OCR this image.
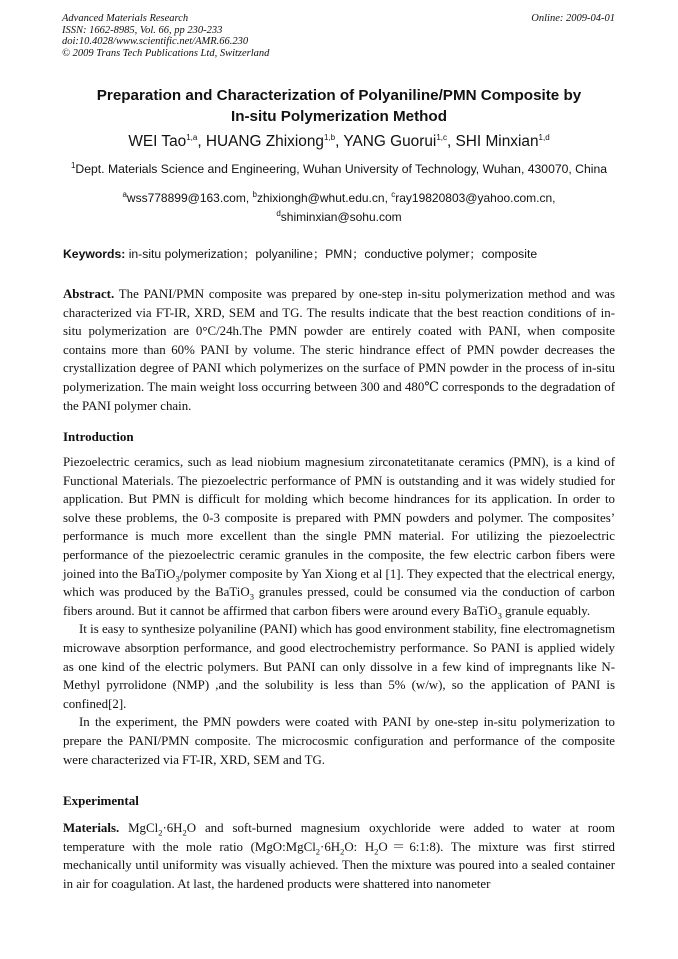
Advanced Materials Research
ISSN: 1662-8985, Vol. 66, pp 230-233
doi:10.4028/www.scientific.net/AMR.66.230
© 2009 Trans Tech Publications Ltd, Switzerland
Online: 2009-04-01
Preparation and Characterization of Polyaniline/PMN Composite by
In-situ Polymerization Method
WEI Tao$^{1,a}$, HUANG Zhixiong$^{1,b}$, YANG Guorui$^{1,c}$, SHI Minxian$^{1,d}$
$^1$Dept. Materials Science and Engineering, Wuhan University of Technology, Wuhan, 430070, China
$^a$wss778899@163.com, $^b$zhixiongh@whut.edu.cn, $^c$ray19820803@yahoo.com.cn,
$^d$shiminxian@sohu.com
Keywords: in-situ polymerization；polyaniline；PMN；conductive polymer；composite
Abstract. The PANI/PMN composite was prepared by one-step in-situ polymerization method and was characterized via FT-IR, XRD, SEM and TG. The results indicate that the best reaction conditions of in-situ polymerization are 0°C/24h.The PMN powder are entirely coated with PANI, when composite contains more than 60% PANI by volume. The steric hindrance effect of PMN powder decreases the crystallization degree of PANI which polymerizes on the surface of PMN powder in the process of in-situ polymerization. The main weight loss occurring between 300 and 480℃ corresponds to the degradation of the PANI polymer chain.
Introduction
Piezoelectric ceramics, such as lead niobium magnesium zirconatetitanate ceramics (PMN), is a kind of Functional Materials. The piezoelectric performance of PMN is outstanding and it was widely studied for application. But PMN is difficult for molding which become hindrances for its application. In order to solve these problems, the 0-3 composite is prepared with PMN powders and polymer. The composites’ performance is much more excellent than the single PMN material. For utilizing the piezoelectric performance of the piezoelectric ceramic granules in the composite, the few electric carbon fibers were joined into the BaTiO$_3$/polymer composite by Yan Xiong et al [1]. They expected that the electrical energy, which was produced by the BaTiO$_3$ granules pressed, could be consumed via the conduction of carbon fibers around. But it cannot be affirmed that carbon fibers were around every BaTiO$_3$ granule equably.
It is easy to synthesize polyaniline (PANI) which has good environment stability, fine electromagnetism microwave absorption performance, and good electrochemistry performance. So PANI is applied widely as one kind of the electric polymers. But PANI can only dissolve in a few kind of impregnants like N-Methyl pyrrolidone (NMP) ,and the solubility is less than 5% (w/w), so the application of PANI is confined[2].
In the experiment, the PMN powders were coated with PANI by one-step in-situ polymerization to prepare the PANI/PMN composite. The microcosmic configuration and performance of the composite were characterized via FT-IR, XRD, SEM and TG.
Experimental
Materials. $MgCl_2\cdot 6H_2O$ and soft-burned magnesium oxychloride were added to water at room temperature with the mole ratio ($MgO:MgCl_2\cdot 6H_2O$: $H_2O=6:1:8$). The mixture was first stirred mechanically until uniformity was visually achieved. Then the mixture was poured into a sealed container in air for coagulation. At last, the hardened products were shattered into nanometer
